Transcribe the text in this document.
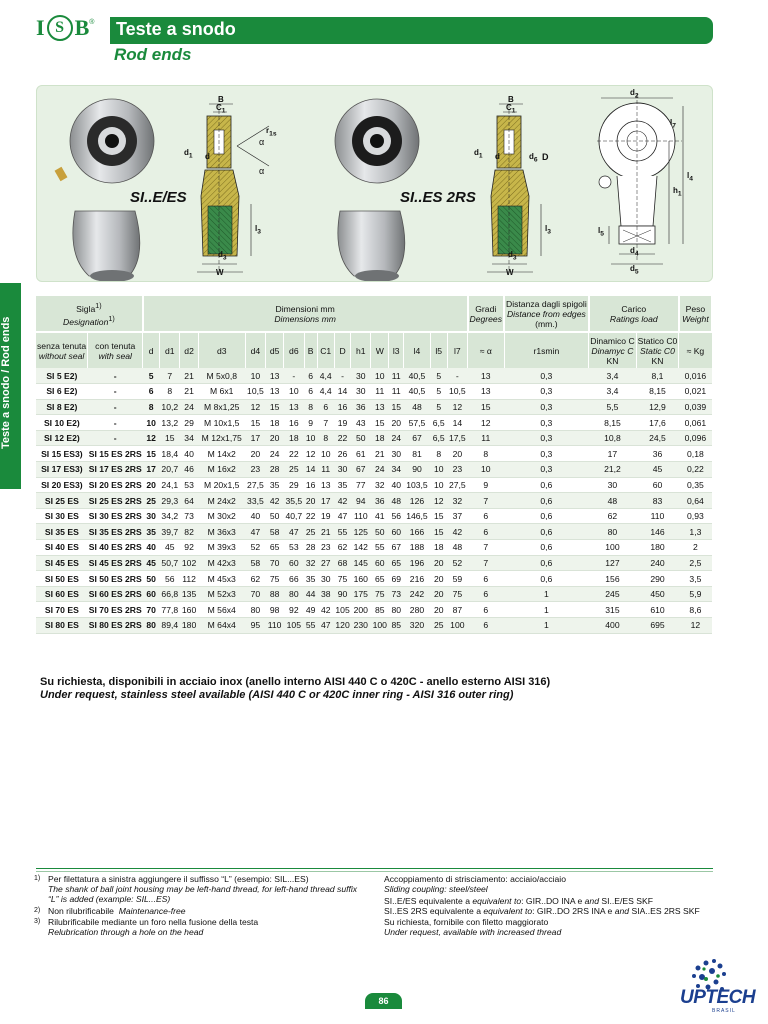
I S B ®	Teste a snodo
Rod ends
Teste a snodo / Rod ends
SI..E/ES	SI..ES 2RS
B
$C_1$
$r_{1s}$
α
α
$d_1$ d
$l_3$
$d_3$
W
B
$C_1$
$d_1$ d	$d_6$ D
$l_3$
$d_3$
W
$d_2$
$l_7$
$l_4$
$h_1$
$l_5$
$d_4$
$d_5$
Sigla$^{1)}$
Designation$^{1)}$		Dimensioni mm
Dimensions mm																Gradi
Degrees	Distanza dagli spigoli
Distance from edges
(mm.)	Carico
Ratings load		Peso
Weight
senza tenuta
without seal	con tenuta
with seal	d	d1	d2	d3	d4	d5	d6	B	C1	D	h1	W	l3	l4	l5	l7	≈ α	r1smin	Dinamico C
Dinamyc C
KN	Statico C0
Static C0
KN	≈ Kg
SI 5 E2)	-	5	7	21	M 5x0,8	10	13	-	6	4,4	-	30	10	11	40,5	5	-	13	0,3	3,4	8,1	0,016
SI 6 E2)	-	6	8	21	M 6x1	10,5	13	10	6	4,4	14	30	11	11	40,5	5	10,5	13	0,3	3,4	8,15	0,021
SI 8 E2)	-	8	10,2	24	M 8x1,25	12	15	13	8	6	16	36	13	15	48	5	12	15	0,3	5,5	12,9	0,039
SI 10 E2)	-	10	13,2	29	M 10x1,5	15	18	16	9	7	19	43	15	20	57,5	6,5	14	12	0,3	8,15	17,6	0,061
SI 12 E2)	-	12	15	34	M 12x1,75	17	20	18	10	8	22	50	18	24	67	6,5	17,5	11	0,3	10,8	24,5	0,096
SI 15 ES3)	SI 15 ES 2RS	15	18,4	40	M 14x2	20	24	22	12	10	26	61	21	30	81	8	20	8	0,3	17	36	0,18
SI 17 ES3)	SI 17 ES 2RS	17	20,7	46	M 16x2	23	28	25	14	11	30	67	24	34	90	10	23	10	0,3	21,2	45	0,22
SI 20 ES3)	SI 20 ES 2RS	20	24,1	53	M 20x1,5	27,5	35	29	16	13	35	77	32	40	103,5	10	27,5	9	0,6	30	60	0,35
SI 25 ES	SI 25 ES 2RS	25	29,3	64	M 24x2	33,5	42	35,5	20	17	42	94	36	48	126	12	32	7	0,6	48	83	0,64
SI 30 ES	SI 30 ES 2RS	30	34,2	73	M 30x2	40	50	40,7	22	19	47	110	41	56	146,5	15	37	6	0,6	62	110	0,93
SI 35 ES	SI 35 ES 2RS	35	39,7	82	M 36x3	47	58	47	25	21	55	125	50	60	166	15	42	6	0,6	80	146	1,3
SI 40 ES	SI 40 ES 2RS	40	45	92	M 39x3	52	65	53	28	23	62	142	55	67	188	18	48	7	0,6	100	180	2
SI 45 ES	SI 45 ES 2RS	45	50,7	102	M 42x3	58	70	60	32	27	68	145	60	65	196	20	52	7	0,6	127	240	2,5
SI 50 ES	SI 50 ES 2RS	50	56	112	M 45x3	62	75	66	35	30	75	160	65	69	216	20	59	6	0,6	156	290	3,5
SI 60 ES	SI 60 ES 2RS	60	66,8	135	M 52x3	70	88	80	44	38	90	175	75	73	242	20	75	6	1	245	450	5,9
SI 70 ES	SI 70 ES 2RS	70	77,8	160	M 56x4	80	98	92	49	42	105	200	85	80	280	20	87	6	1	315	610	8,6
SI 80 ES	SI 80 ES 2RS	80	89,4	180	M 64x4	95	110	105	55	47	120	230	100	85	320	25	100	6	1	400	695	12
Su richiesta, disponibili in acciaio inox (anello interno AISI 440 C o 420C - anello esterno AISI 316)
Under request, stainless steel available (AISI 440 C or 420C inner ring - AISI 316 outer ring)
1) Per filettatura a sinistra aggiungere il suffisso “L” (esempio: SIL...ES)
The shank of ball joint housing may be left-hand thread, for left-hand thread suffix
“L” is added (example: SIL...ES)
2) Non rilubrificabile Maintenance-free
3) Rilubrificabile mediante un foro nella fusione della testa
Relubrication through a hole on the head
Accoppiamento di strisciamento: acciaio/acciaio
Sliding coupling: steel/steel
SI..E/ES equivalente a equivalent to: GIR..DO INA e and SI..E/ES SKF
SI..ES 2RS equivalente a equivalent to: GIR..DO 2RS INA e and SIA..ES 2RS SKF
Su richiesta, fornibile con filetto maggiorato
Under request, available with increased thread
86	UPTECH
BRASIL
